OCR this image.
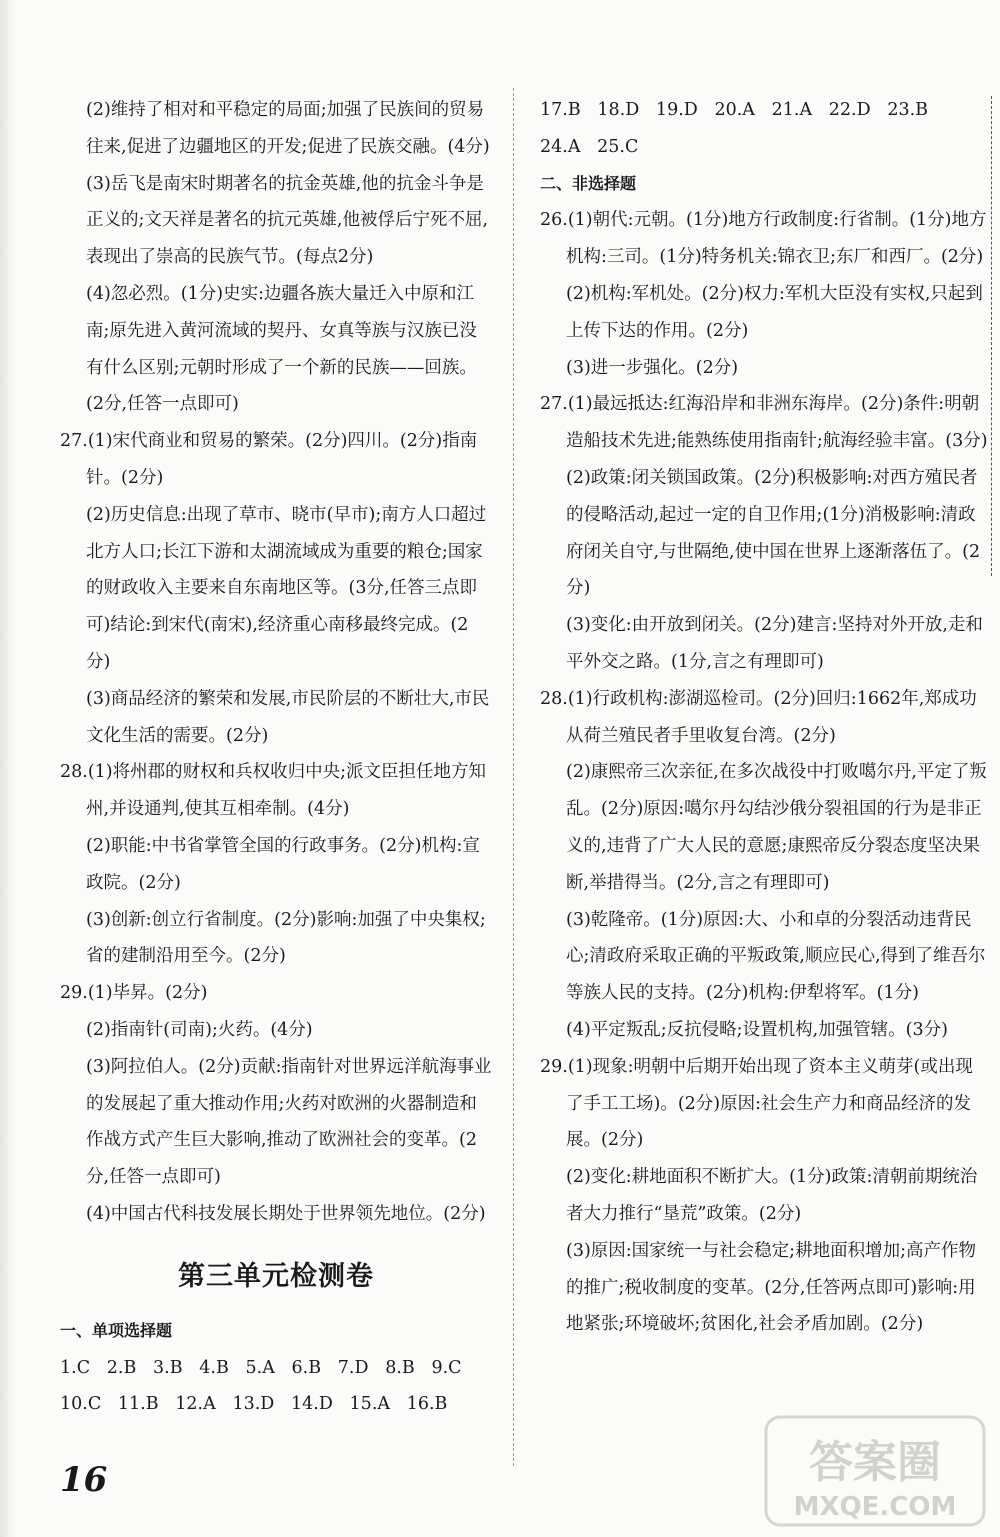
(2)维持了相对和平稳定的局面;加强了民族间的贸易往来,促进了边疆地区的开发;促进了民族交融。(4分)

(3)岳飞是南宋时期著名的抗金英雄,他的抗金斗争是正义的;文天祥是著名的抗元英雄,他被俘后宁死不屈,表现出了崇高的民族气节。(每点2分)

(4)忽必烈。(1分)史实:边疆各族大量迁入中原和江南;原先进入黄河流域的契丹、女真等族与汉族已没有什么区别;元朝时形成了一个新的民族——回族。(2分,任答一点即可)

27.(1)宋代商业和贸易的繁荣。(2分)四川。(2分)指南针。(2分)

(2)历史信息:出现了草市、晓市(早市);南方人口超过北方人口;长江下游和太湖流域成为重要的粮仓;国家的财政收入主要来自东南地区等。(3分,任答三点即可)结论:到宋代(南宋),经济重心南移最终完成。(2分)

(3)商品经济的繁荣和发展,市民阶层的不断壮大,市民文化生活的需要。(2分)

28.(1)将州郡的财权和兵权收归中央;派文臣担任地方知州,并设通判,使其互相牵制。(4分)

(2)职能:中书省掌管全国的行政事务。(2分)机构:宣政院。(2分)

(3)创新:创立行省制度。(2分)影响:加强了中央集权;省的建制沿用至今。(2分)

29.(1)毕昇。(2分)

(2)指南针(司南);火药。(4分)

(3)阿拉伯人。(2分)贡献:指南针对世界远洋航海事业的发展起了重大推动作用;火药对欧洲的火器制造和作战方式产生巨大影响,推动了欧洲社会的变革。(2分,任答一点即可)

(4)中国古代科技发展长期处于世界领先地位。(2分)

第三单元检测卷

一、单项选择题

1.C   2.B   3.B   4.B   5.A   6.B   7.D   8.B   9.C

10.C   11.B   12.A   13.D   14.D   15.A   16.B

17.B   18.D   19.D   20.A   21.A   22.D   23.B

24.A   25.C

二、非选择题

26.(1)朝代:元朝。(1分)地方行政制度:行省制。(1分)地方机构:三司。(1分)特务机关:锦衣卫;东厂和西厂。(2分)

(2)机构:军机处。(2分)权力:军机大臣没有实权,只起到上传下达的作用。(2分)

(3)进一步强化。(2分)

27.(1)最远抵达:红海沿岸和非洲东海岸。(2分)条件:明朝造船技术先进;能熟练使用指南针;航海经验丰富。(3分)

(2)政策:闭关锁国政策。(2分)积极影响:对西方殖民者的侵略活动,起过一定的自卫作用;(1分)消极影响:清政府闭关自守,与世隔绝,使中国在世界上逐渐落伍了。(2分)

(3)变化:由开放到闭关。(2分)建言:坚持对外开放,走和平外交之路。(1分,言之有理即可)

28.(1)行政机构:澎湖巡检司。(2分)回归:1662年,郑成功从荷兰殖民者手里收复台湾。(2分)

(2)康熙帝三次亲征,在多次战役中打败噶尔丹,平定了叛乱。(2分)原因:噶尔丹勾结沙俄分裂祖国的行为是非正义的,违背了广大人民的意愿;康熙帝反分裂态度坚决果断,举措得当。(2分,言之有理即可)

(3)乾隆帝。(1分)原因:大、小和卓的分裂活动违背民心;清政府采取正确的平叛政策,顺应民心,得到了维吾尔等族人民的支持。(2分)机构:伊犁将军。(1分)

(4)平定叛乱;反抗侵略;设置机构,加强管辖。(3分)

29.(1)现象:明朝中后期开始出现了资本主义萌芽(或出现了手工工场)。(2分)原因:社会生产力和商品经济的发展。(2分)

(2)变化:耕地面积不断扩大。(1分)政策:清朝前期统治者大力推行“垦荒”政策。(2分)

(3)原因:国家统一与社会稳定;耕地面积增加;高产作物的推广;税收制度的变革。(2分,任答两点即可)影响:用地紧张;环境破坏;贫困化,社会矛盾加剧。(2分)

16	答案圈
MXQE.COM
